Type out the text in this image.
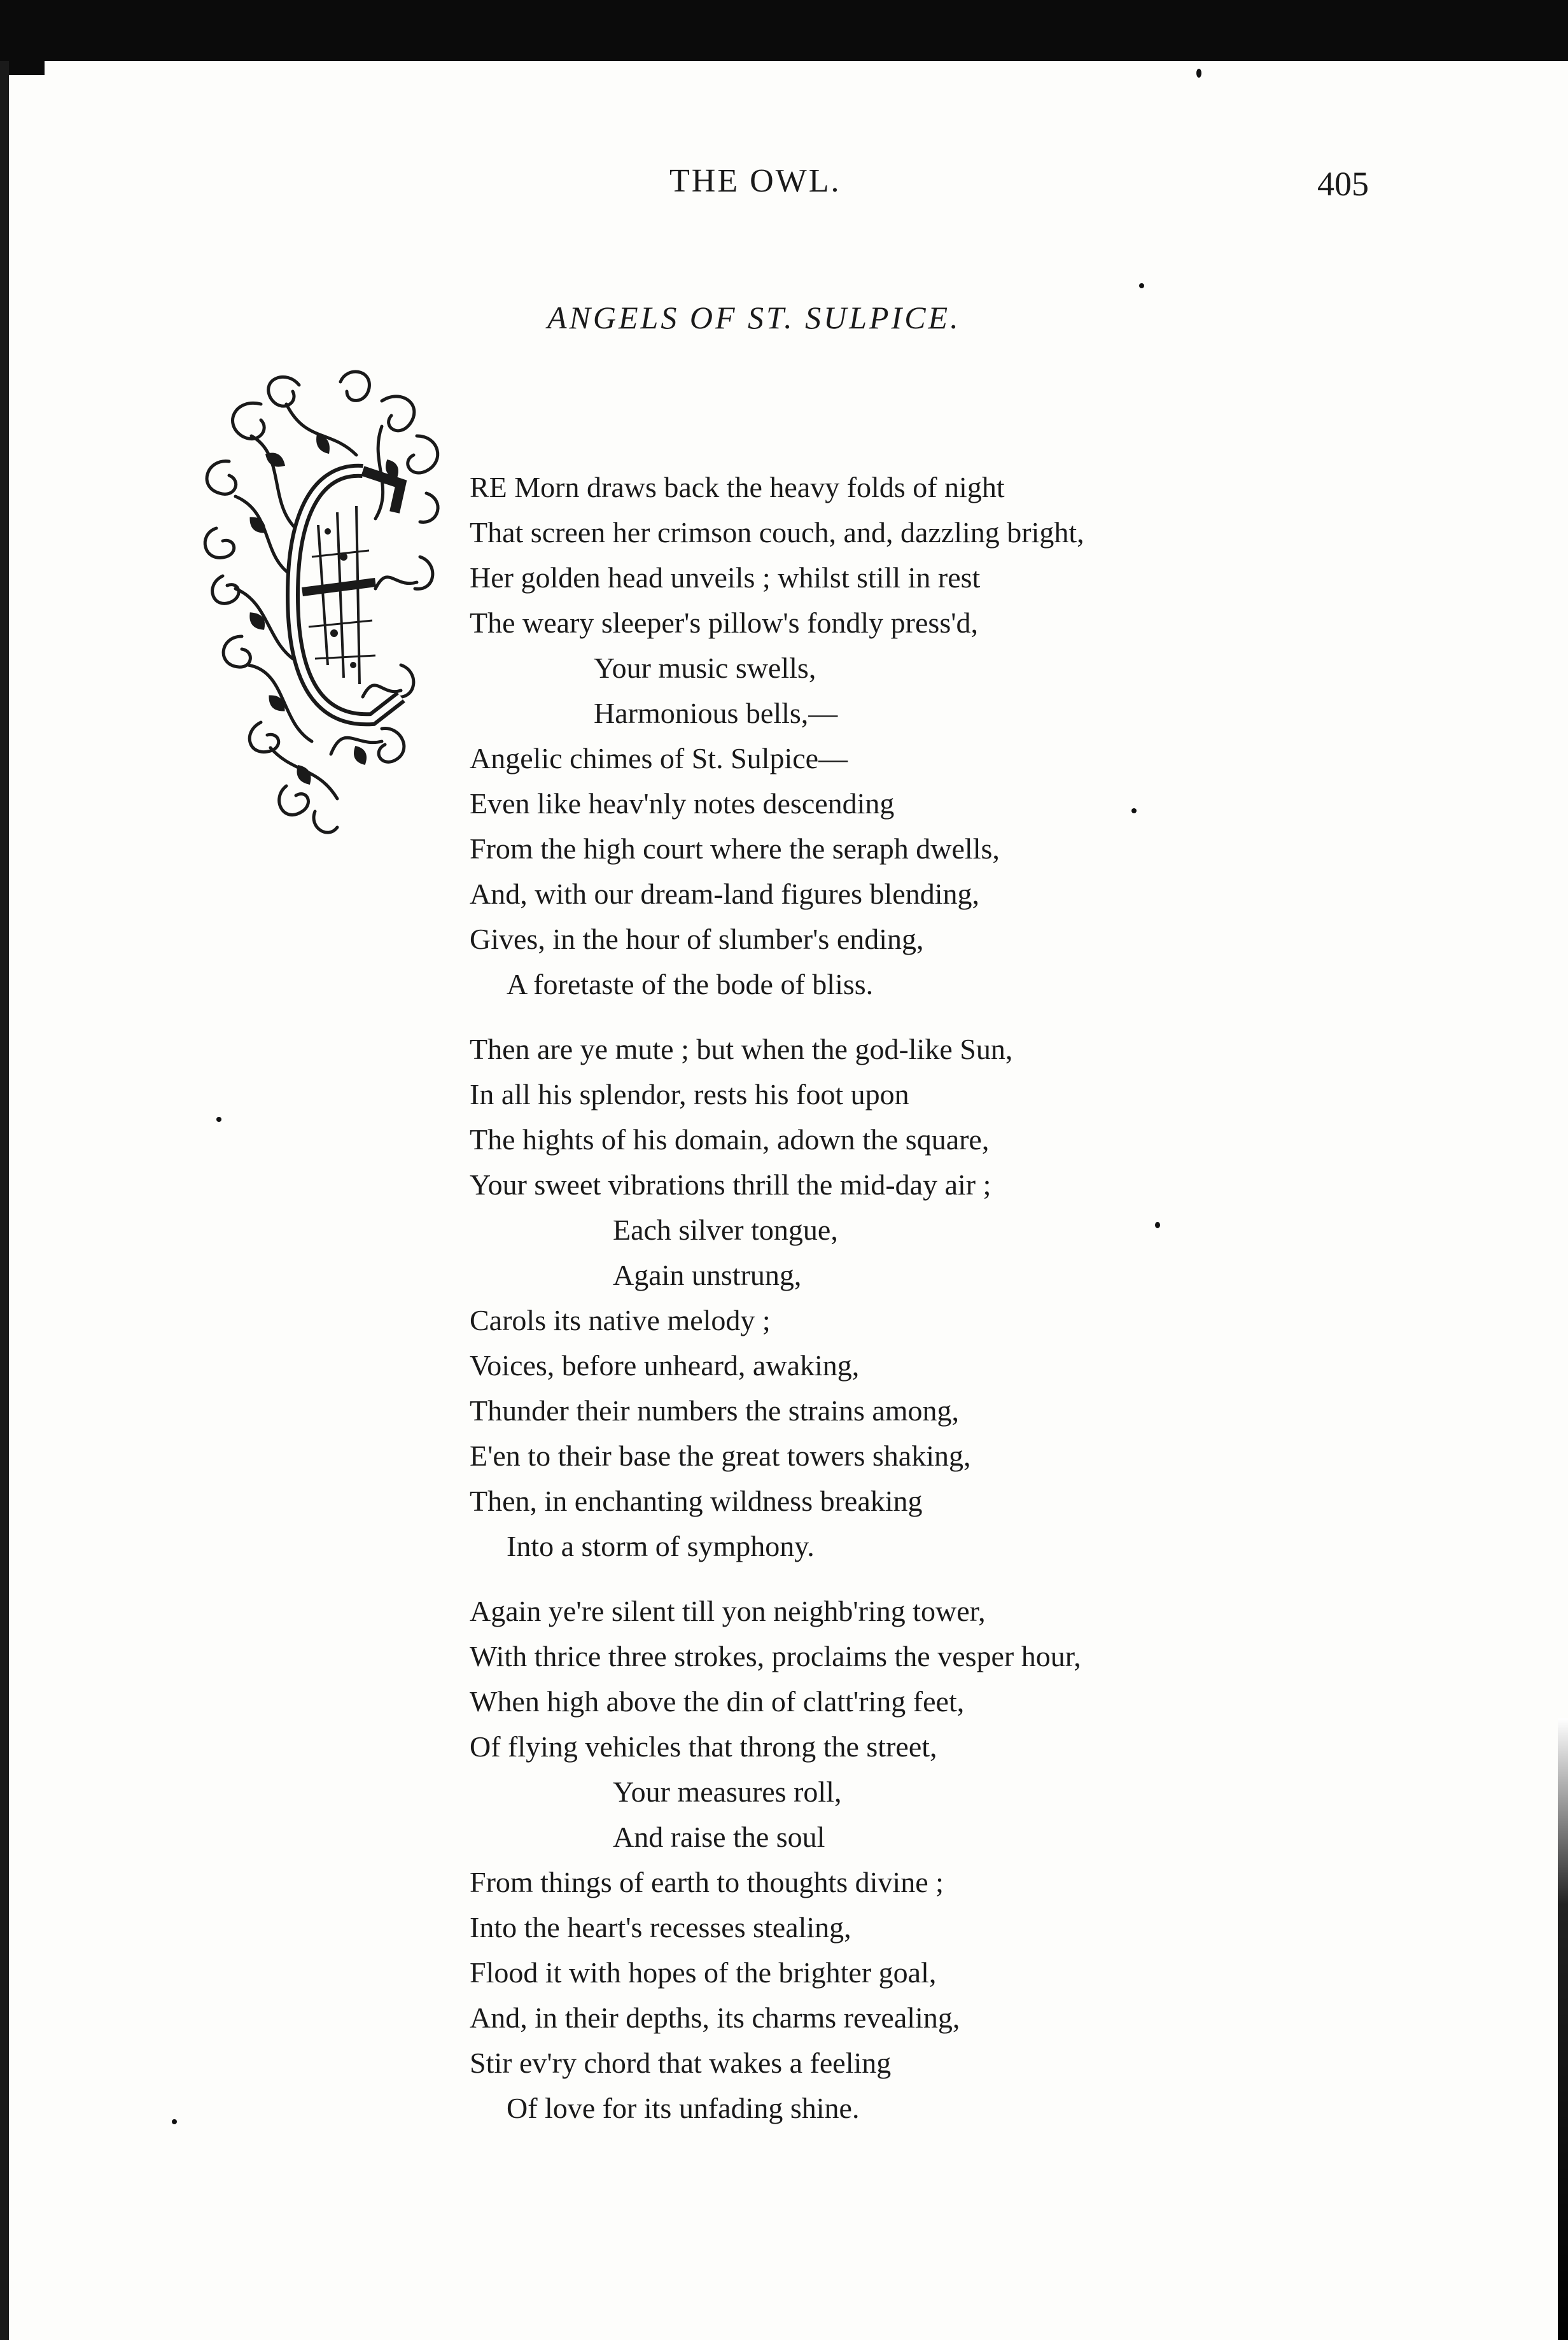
THE OWL.	405
ANGELS OF ST. SULPICE.
RE Morn draws back the heavy folds of night
That screen her crimson couch, and, dazzling bright,
Her golden head unveils ; whilst still in rest
The weary sleeper's pillow's fondly press'd,
Your music swells,
Harmonious bells,—
Angelic chimes of St. Sulpice—
Even like heav'nly notes descending
From the high court where the seraph dwells,
And, with our dream-land figures blending,
Gives, in the hour of slumber's ending,
A foretaste of the bode of bliss.
Then are ye mute ; but when the god-like Sun,
In all his splendor, rests his foot upon
The hights of his domain, adown the square,
Your sweet vibrations thrill the mid-day air ;
Each silver tongue,
Again unstrung,
Carols its native melody ;
Voices, before unheard, awaking,
Thunder their numbers the strains among,
E'en to their base the great towers shaking,
Then, in enchanting wildness breaking
Into a storm of symphony.
Again ye're silent till yon neighb'ring tower,
With thrice three strokes, proclaims the vesper hour,
When high above the din of clatt'ring feet,
Of flying vehicles that throng the street,
Your measures roll,
And raise the soul
From things of earth to thoughts divine ;
Into the heart's recesses stealing,
Flood it with hopes of the brighter goal,
And, in their depths, its charms revealing,
Stir ev'ry chord that wakes a feeling
Of love for its unfading shine.
